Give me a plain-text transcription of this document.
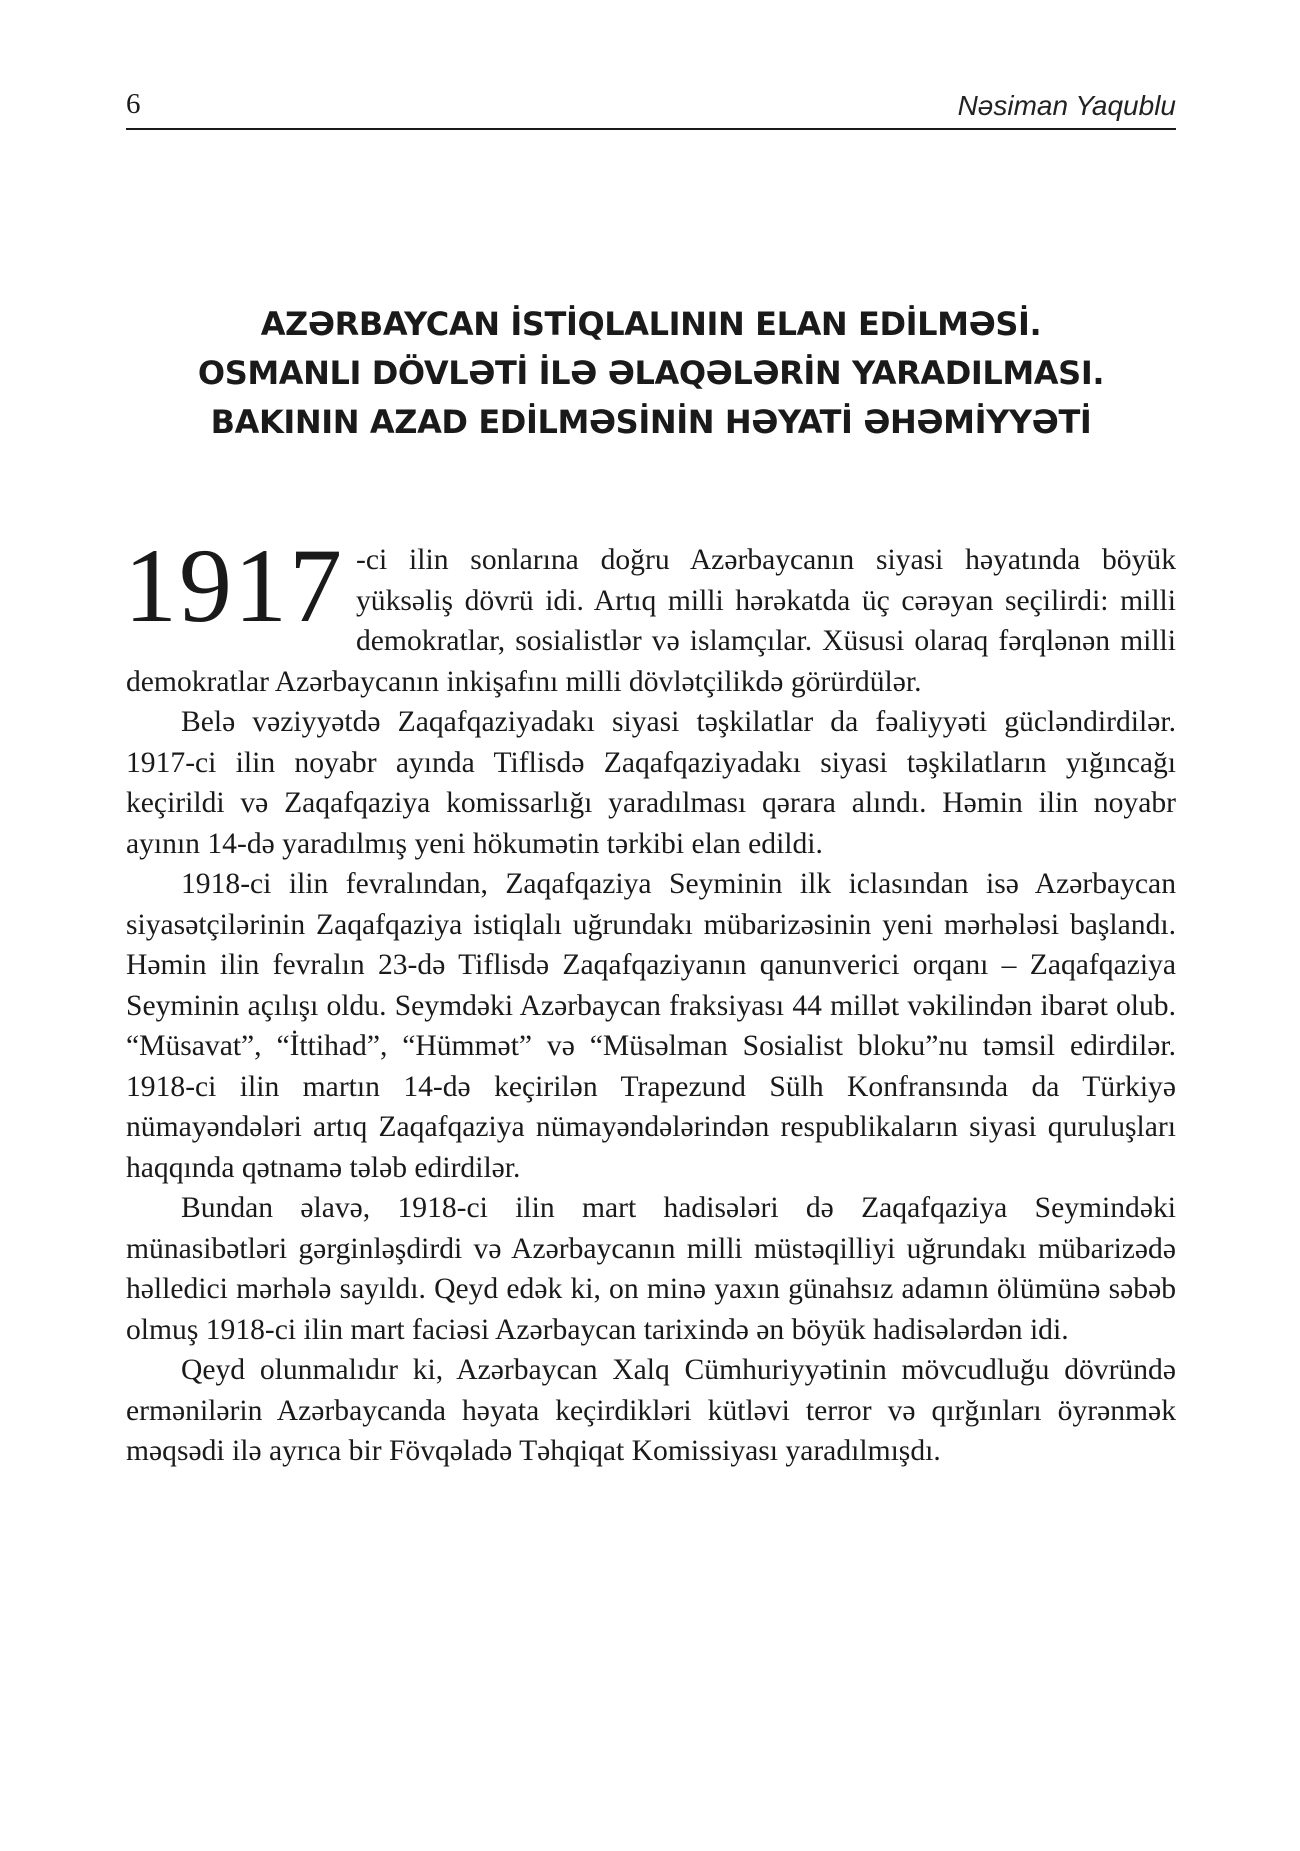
6	Nəsiman Yaqublu
AZƏRBAYCAN İSTİQLALININ ELAN EDİLMƏSİ.
OSMANLI DÖVLƏTİ İLƏ ƏLAQƏLƏRİN YARADILMASI.
BAKININ AZAD EDİLMƏSİNİN HƏYATİ ƏHƏMİYYƏTİ

1917 -ci ilin sonlarına doğru Azərbaycanın siyasi həyatında böyük yüksəliş dövrü idi. Artıq milli hərəkatda üç cərəyan seçilirdi: milli demokratlar, sosialistlər və islamçılar. Xüsusi olaraq fərqlənən milli demokratlar Azərbaycanın inkişafını milli dövlətçilikdə görürdülər.

Belə vəziyyətdə Zaqafqaziyadakı siyasi təşkilatlar da fəaliyyəti gücləndirdilər. 1917-ci ilin noyabr ayında Tiflisdə Zaqafqaziyadakı siyasi təşkilatların yığıncağı keçirildi və Zaqafqaziya komissarlığı yaradılması qərara alındı. Həmin ilin noyabr ayının 14-də yaradılmış yeni hökumətin tərkibi elan edildi.

1918-ci ilin fevralından, Zaqafqaziya Seyminin ilk iclasından isə Azərbaycan siyasətçilərinin Zaqafqaziya istiqlalı uğrundakı mübarizəsinin yeni mərhələsi başlandı. Həmin ilin fevralın 23-də Tiflisdə Zaqafqaziyanın qanunverici orqanı – Zaqafqaziya Seyminin açılışı oldu. Seymdəki Azərbaycan fraksiyası 44 millət vəkilindən ibarət olub. “Müsavat”, “İttihad”, “Hümmət” və “Müsəlman Sosialist bloku”nu təmsil edirdilər. 1918-ci ilin martın 14-də keçirilən Trapezund Sülh Konfransında da Türkiyə nümayəndələri artıq Zaqafqaziya nümayəndələrindən respublikaların siyasi quruluşları haqqında qətnamə tələb edirdilər.

Bundan əlavə, 1918-ci ilin mart hadisələri də Zaqafqaziya Seymindəki münasibətləri gərginləşdirdi və Azərbaycanın milli müstəqilliyi uğrundakı mübarizədə həlledici mərhələ sayıldı. Qeyd edək ki, on minə yaxın günahsız adamın ölümünə səbəb olmuş 1918-ci ilin mart faciəsi Azərbaycan tarixində ən böyük hadisələrdən idi.

Qeyd olunmalıdır ki, Azərbaycan Xalq Cümhuriyyətinin mövcudluğu dövründə ermənilərin Azərbaycanda həyata keçirdikləri kütləvi terror və qırğınları öyrənmək məqsədi ilə ayrıca bir Fövqəladə Təhqiqat Komissiyası yaradılmışdı.
